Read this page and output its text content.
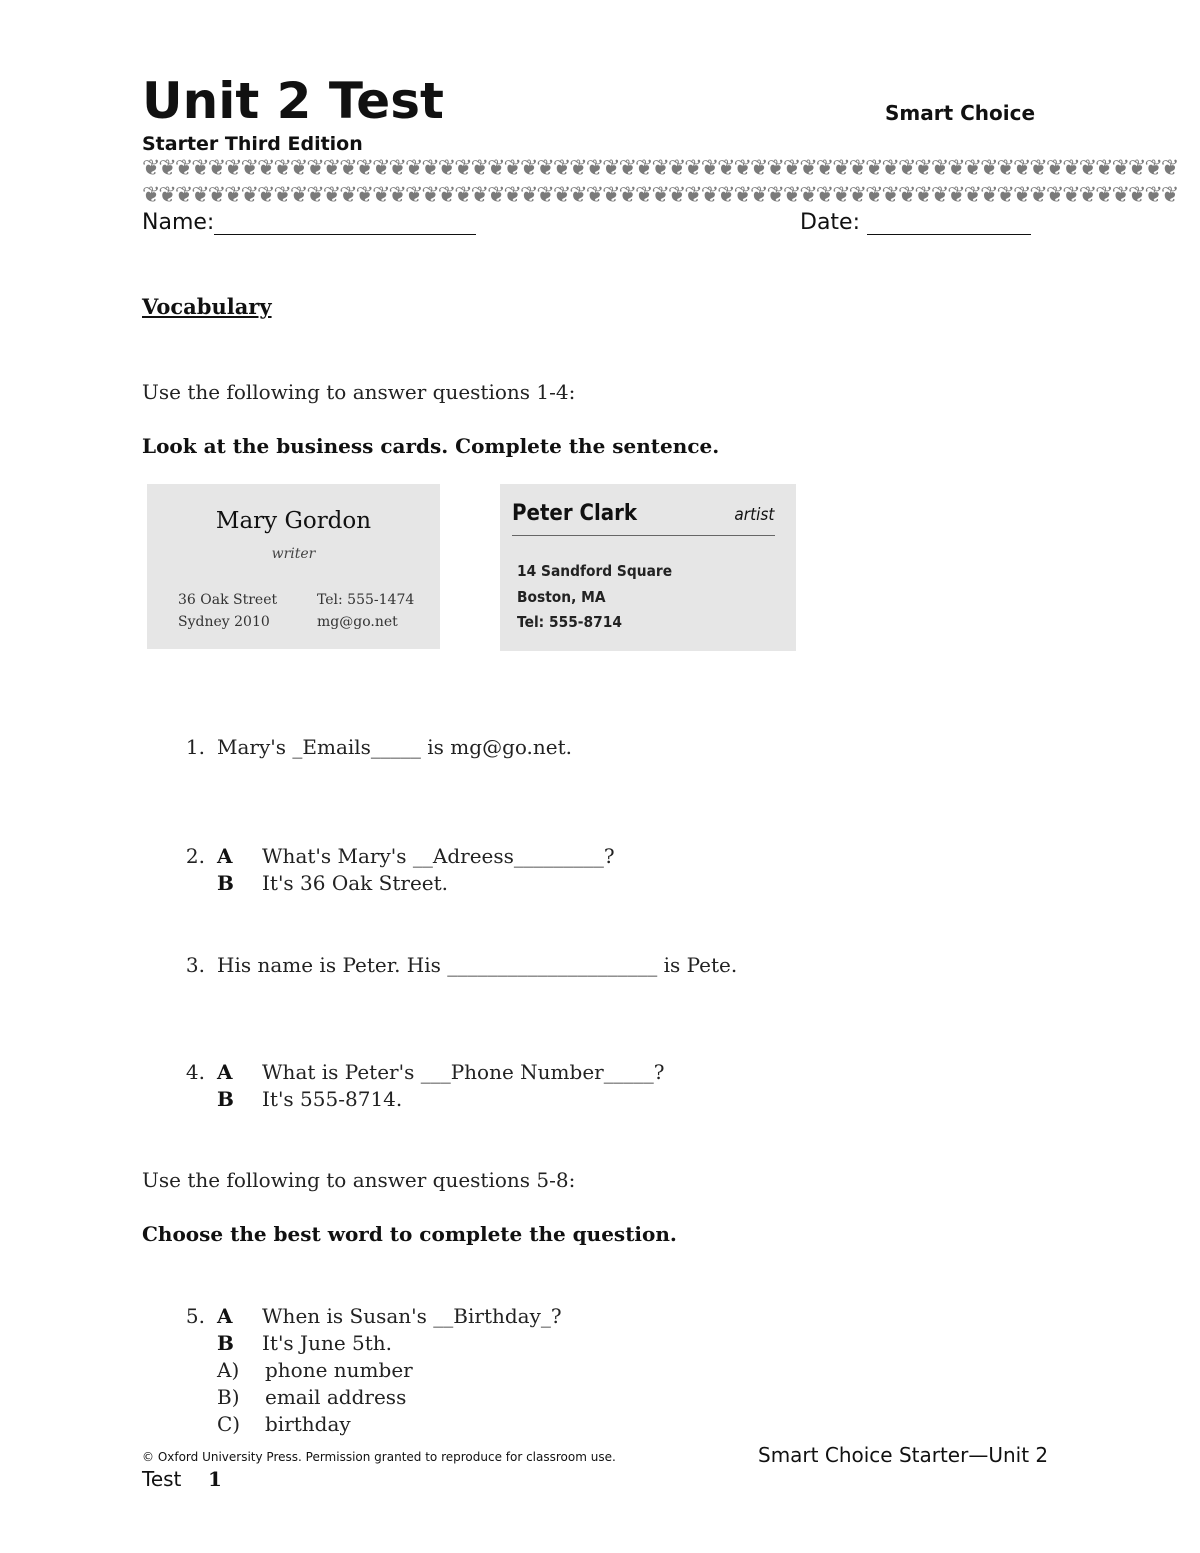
Unit 2 Test	Smart Choice
Starter Third Edition
❦❦❦❦❦❦❦❦❦❦❦❦❦❦❦❦❦❦❦❦❦❦❦❦❦❦❦❦❦❦❦❦❦❦❦❦❦❦❦❦❦❦❦❦❦❦❦❦❦❦❦❦❦❦❦❦❦❦❦❦❦❦❦
❦❦❦❦❦❦❦❦❦❦❦❦❦❦❦❦❦❦❦❦❦❦❦❦❦❦❦❦❦❦❦❦❦❦❦❦❦❦❦❦❦❦❦❦❦❦❦❦❦❦❦❦❦❦❦❦❦❦❦❦❦❦❦
Name:	Date:
Vocabulary
Use the following to answer questions 1-4:
Look at the business cards. Complete the sentence.
Mary Gordon
writer
36 Oak Street
Sydney 2010
Tel: 555-1474
mg@go.net
Peter Clark	artist
14 Sandford Square
Boston, MA
Tel: 555-8714
1. Mary's _Emails_____ is mg@go.net.
2. A What's Mary's __Adreess_________?
B It's 36 Oak Street.
3. His name is Peter. His _____________________ is Pete.
4. A What is Peter's ___Phone Number_____?
B It's 555-8714.
Use the following to answer questions 5-8:
Choose the best word to complete the question.
5. A When is Susan's __Birthday_?
B It's June 5th.
A) phone number
B) email address
C) birthday
© Oxford University Press. Permission granted to reproduce for classroom use.	Smart Choice Starter—Unit 2
Test 1
